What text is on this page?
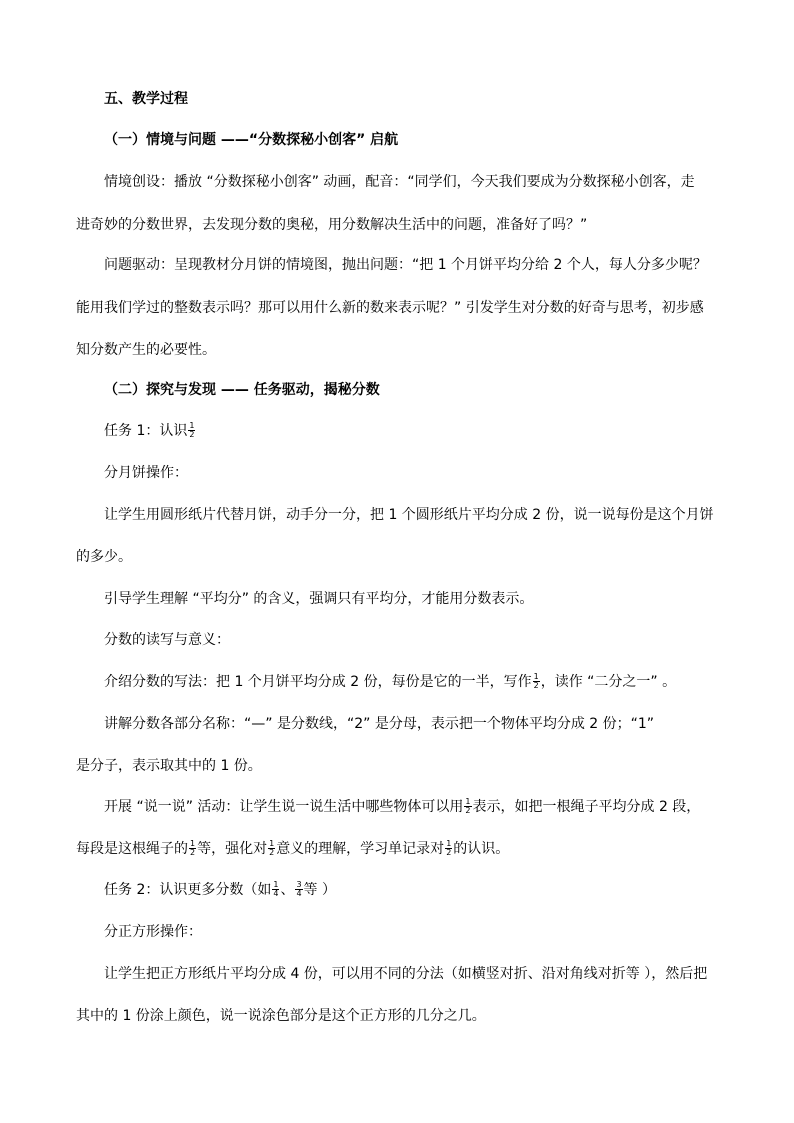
五、教学过程
（一）情境与问题 ——“分数探秘小创客” 启航
情境创设：播放 “分数探秘小创客” 动画，配音：“同学们，今天我们要成为分数探秘小创客，走
进奇妙的分数世界，去发现分数的奥秘，用分数解决生活中的问题，准备好了吗？”
问题驱动：呈现教材分月饼的情境图，抛出问题：“把 1 个月饼平均分给 2 个人，每人分多少呢？
能用我们学过的整数表示吗？那可以用什么新的数来表示呢？” 引发学生对分数的好奇与思考，初步感
知分数产生的必要性。
（二）探究与发现 —— 任务驱动，揭秘分数
任务 1：认识 $\frac{1}{2}$
分月饼操作：
让学生用圆形纸片代替月饼，动手分一分，把 1 个圆形纸片平均分成 2 份，说一说每份是这个月饼
的多少。
引导学生理解 “平均分” 的含义，强调只有平均分，才能用分数表示。
分数的读写与意义：
介绍分数的写法：把 1 个月饼平均分成 2 份，每份是它的一半，写作 $\frac{1}{2}$ ，读作 “二分之一” 。
讲解分数各部分名称：“—” 是分数线，“2” 是分母，表示把一个物体平均分成 2 份；“1”
是分子，表示取其中的 1 份。
开展 “说一说” 活动：让学生说一说生活中哪些物体可以用 $\frac{1}{2}$ 表示，如把一根绳子平均分成 2 段，
每段是这根绳子的 $\frac{1}{2}$ 等，强化对 $\frac{1}{2}$ 意义的理解，学习单记录对 $\frac{1}{2}$ 的认识。
任务 2：认识更多分数（如 $\frac{1}{4}$ 、 $\frac{3}{4}$ 等 ）
分正方形操作：
让学生把正方形纸片平均分成 4 份，可以用不同的分法（如横竖对折、沿对角线对折等 ），然后把
其中的 1 份涂上颜色，说一说涂色部分是这个正方形的几分之几。
